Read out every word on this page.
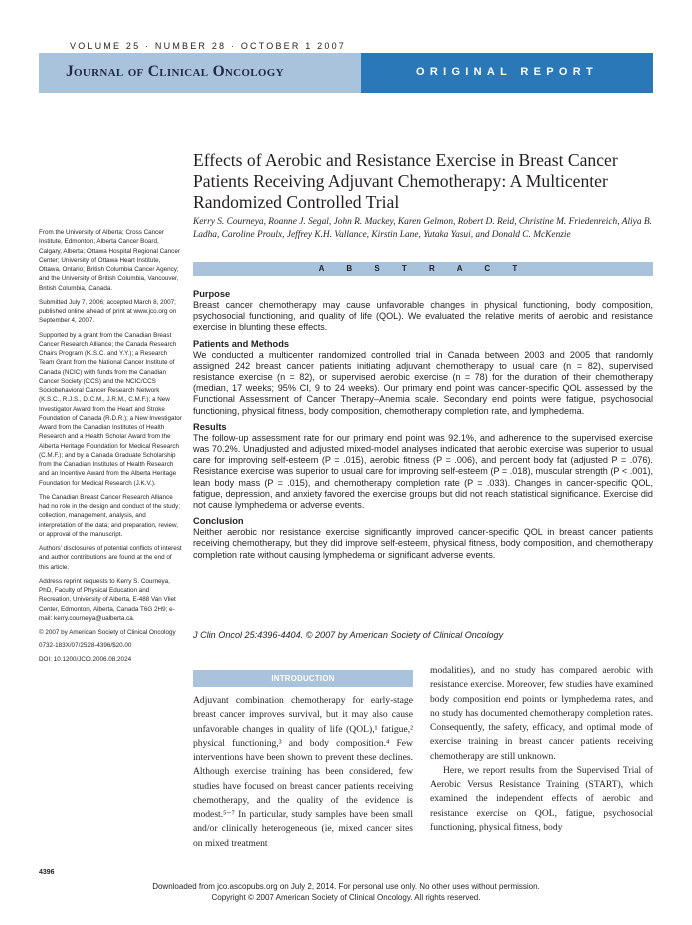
VOLUME 25 · NUMBER 28 · OCTOBER 1 2007
Journal of Clinical Oncology	ORIGINAL REPORT
Effects of Aerobic and Resistance Exercise in Breast Cancer Patients Receiving Adjuvant Chemotherapy: A Multicenter Randomized Controlled Trial
Kerry S. Courneya, Roanne J. Segal, John R. Mackey, Karen Gelmon, Robert D. Reid, Christine M. Friedenreich, Aliya B. Ladha, Caroline Proulx, Jeffrey K.H. Vallance, Kirstin Lane, Yutaka Yasui, and Donald C. McKenzie

From the University of Alberta; Cross Cancer Institute, Edmonton; Alberta Cancer Board, Calgary, Alberta; Ottawa Hospital Regional Cancer Center; University of Ottawa Heart Institute, Ottawa, Ontario; British Columbia Cancer Agency; and the University of British Columbia, Vancouver, British Columbia, Canada.

Submitted July 7, 2006; accepted March 8, 2007; published online ahead of print at www.jco.org on September 4, 2007.

Supported by a grant from the Canadian Breast Cancer Research Alliance; the Canada Research Chairs Program (K.S.C. and Y.Y.); a Research Team Grant from the National Cancer Institute of Canada (NCIC) with funds from the Canadian Cancer Society (CCS) and the NCIC/CCS Sociobehavioral Cancer Research Network (K.S.C., R.J.S., D.C.M., J.R.M., C.M.F.); a New Investigator Award from the Heart and Stroke Foundation of Canada (R.D.R.); a New Investigator Award from the Canadian Institutes of Health Research and a Health Scholar Award from the Alberta Heritage Foundation for Medical Research (C.M.F.); and by a Canada Graduate Scholarship from the Canadian Institutes of Health Research and an Incentive Award from the Alberta Heritage Foundation for Medical Research (J.K.V.).

The Canadian Breast Cancer Research Alliance had no role in the design and conduct of the study; collection, management, analysis, and interpretation of the data; and preparation, review, or approval of the manuscript.

Authors' disclosures of potential conflicts of interest and author contributions are found at the end of this article.

Address reprint requests to Kerry S. Courneya, PhD, Faculty of Physical Education and Recreation, University of Alberta, E-488 Van Vliet Center, Edmonton, Alberta, Canada T6G 2H9; e-mail: kerry.courneya@ualberta.ca.

© 2007 by American Society of Clinical Oncology

0732-183X/07/2528-4396/$20.00

DOI: 10.1200/JCO.2006.08.2024

A B S T R A C T
Purpose

Breast cancer chemotherapy may cause unfavorable changes in physical functioning, body composition, psychosocial functioning, and quality of life (QOL). We evaluated the relative merits of aerobic and resistance exercise in blunting these effects.

Patients and Methods

We conducted a multicenter randomized controlled trial in Canada between 2003 and 2005 that randomly assigned 242 breast cancer patients initiating adjuvant chemotherapy to usual care (n = 82), supervised resistance exercise (n = 82), or supervised aerobic exercise (n = 78) for the duration of their chemotherapy (median, 17 weeks; 95% CI, 9 to 24 weeks). Our primary end point was cancer-specific QOL assessed by the Functional Assessment of Cancer Therapy–Anemia scale. Secondary end points were fatigue, psychosocial functioning, physical fitness, body composition, chemotherapy completion rate, and lymphedema.

Results

The follow-up assessment rate for our primary end point was 92.1%, and adherence to the supervised exercise was 70.2%. Unadjusted and adjusted mixed-model analyses indicated that aerobic exercise was superior to usual care for improving self-esteem (P = .015), aerobic fitness (P = .006), and percent body fat (adjusted P = .076). Resistance exercise was superior to usual care for improving self-esteem (P = .018), muscular strength (P < .001), lean body mass (P = .015), and chemotherapy completion rate (P = .033). Changes in cancer-specific QOL, fatigue, depression, and anxiety favored the exercise groups but did not reach statistical significance. Exercise did not cause lymphedema or adverse events.

Conclusion

Neither aerobic nor resistance exercise significantly improved cancer-specific QOL in breast cancer patients receiving chemotherapy, but they did improve self-esteem, physical fitness, body composition, and chemotherapy completion rate without causing lymphedema or significant adverse events.

J Clin Oncol 25:4396-4404. © 2007 by American Society of Clinical Oncology
INTRODUCTION

Adjuvant combination chemotherapy for early-stage breast cancer improves survival, but it may also cause unfavorable changes in quality of life (QOL),¹ fatigue,² physical functioning,³ and body composition.⁴ Few interventions have been shown to prevent these declines. Although exercise training has been considered, few studies have focused on breast cancer patients receiving chemotherapy, and the quality of the evidence is modest.⁵⁻⁷ In particular, study samples have been small and/or clinically heterogeneous (ie, mixed cancer sites on mixed treatment

modalities), and no study has compared aerobic with resistance exercise. Moreover, few studies have examined body composition end points or lymphedema rates, and no study has documented chemotherapy completion rates. Consequently, the safety, efficacy, and optimal mode of exercise training in breast cancer patients receiving chemotherapy are still unknown.

Here, we report results from the Supervised Trial of Aerobic Versus Resistance Training (START), which examined the independent effects of aerobic and resistance exercise on QOL, fatigue, psychosocial functioning, physical fitness, body

4396
Downloaded from jco.ascopubs.org on July 2, 2014. For personal use only. No other uses without permission.
Copyright © 2007 American Society of Clinical Oncology. All rights reserved.
